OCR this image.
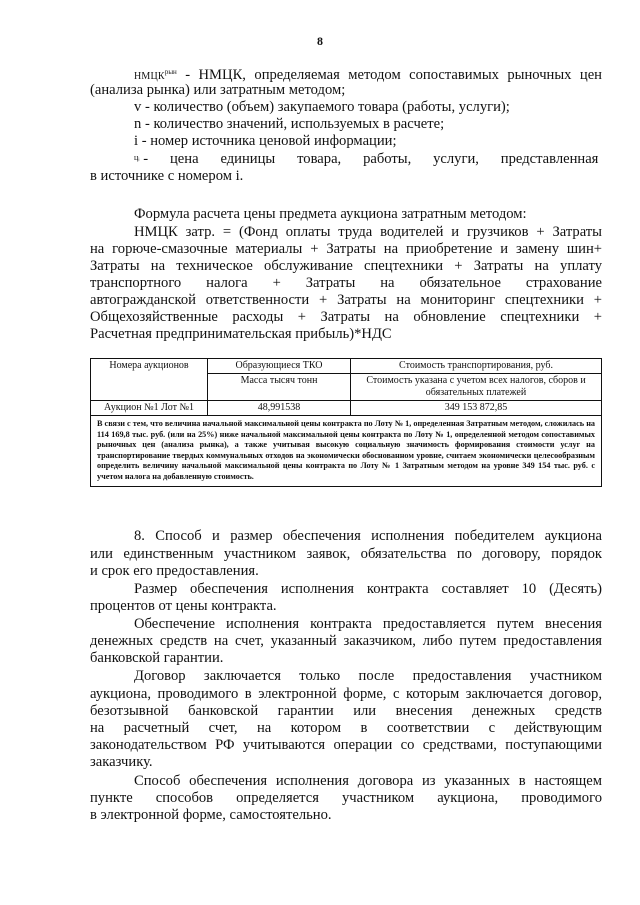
8
$НМЦК^{рын}$ - НМЦК, определяемая методом сопоставимых рыночных цен
(анализа рынка) или затратным методом;
v - количество (объем) закупаемого товара (работы, услуги);
n - количество значений, используемых в расчете;
i - номер источника ценовой информации;
$^{цᵢ}$ -      цена      единицы      товара,      работы,      услуги,      представленная
в источнике с номером i.
Формула расчета цены предмета аукциона затратным методом:
НМЦК затр. = (Фонд оплаты труда водителей и грузчиков + Затраты
на горюче-смазочные материалы + Затраты на приобретение и замену шин+
Затраты на техническое обслуживание спецтехники + Затраты на уплату
транспортного налога + Затраты на обязательное страхование
автогражданской ответственности + Затраты на мониторинг спецтехники +
Общехозяйственные расходы + Затраты на обновление спецтехники +
Расчетная предпринимательская прибыль)*НДС
Номера аукционов	Образующиеся ТКО	Стоимость транспортирования, руб.
	Масса тысяч тонн	Стоимость указана с учетом всех налогов, сборов и обязательных платежей
Аукцион №1 Лот №1	48,991538	349 153 872,85
В связи с тем, что величина начальной максимальной цены контракта по Лоту № 1, определенная Затратным методом, сложилась на 114 169,8 тыс. руб. (или на 25%) ниже начальной максимальной цены контракта по Лоту № 1, определенной методом сопоставимых рыночных цен (анализа рынка), а также учитывая высокую социальную значимость формирования стоимости услуг на транспортирование твердых коммунальных отходов на экономически обоснованном уровне, считаем экономически целесообразным определить величину начальной максимальной цены контракта по Лоту № 1 Затратным методом на уровне 349 154 тыс. руб. с учетом налога на добавленную стоимость.		
8. Способ и размер обеспечения исполнения победителем аукциона
или единственным участником заявок, обязательства по договору, порядок
и срок его предоставления.
Размер обеспечения исполнения контракта составляет 10 (Десять)
процентов от цены контракта.
Обеспечение исполнения контракта предоставляется путем внесения
денежных средств на счет, указанный заказчиком, либо путем предоставления
банковской гарантии.
Договор заключается только после предоставления участником
аукциона, проводимого в электронной форме, с которым заключается договор,
безотзывной банковской гарантии или внесения денежных средств
на расчетный счет, на котором в соответствии с действующим
законодательством РФ учитываются операции со средствами, поступающими
заказчику.
Способ обеспечения исполнения договора из указанных в настоящем
пункте способов определяется участником аукциона, проводимого
в электронной форме, самостоятельно.
